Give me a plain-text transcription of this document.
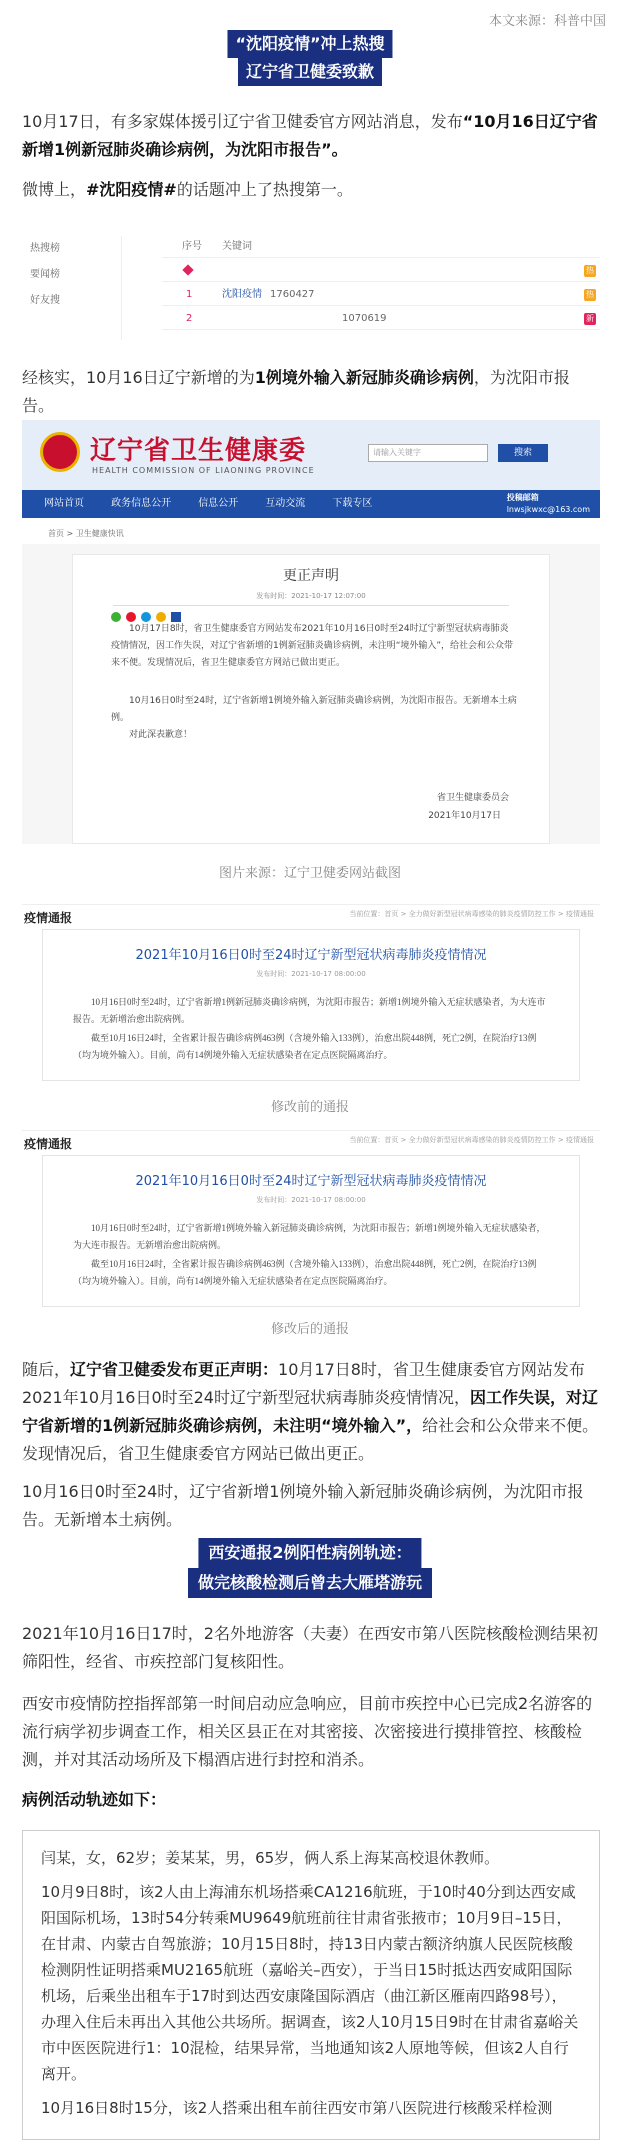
本文来源：科普中国
“沈阳疫情”冲上热搜
辽宁省卫健委致歉
10月17日，有多家媒体援引辽宁省卫健委官方网站消息，发布“10月16日辽宁省新增1例新冠肺炎确诊病例，为沈阳市报告”。
微博上，#沈阳疫情#的话题冲上了热搜第一。
热搜榜
要闻榜
好友搜
序号 关键词
热
1	沈阳疫情 1760427	热
2	1070619	新
经核实，10月16日辽宁新增的为1例境外输入新冠肺炎确诊病例，为沈阳市报告。
辽宁省卫生健康委
HEALTH COMMISSION OF LIAONING PROVINCE
请输入关键字	搜索
网站首页	政务信息公开	信息公开	互动交流	下载专区
投稿邮箱
lnwsjkwxc@163.com
首页 > 卫生健康快讯
更正声明
发布时间：2021-10-17 12:07:00

10月17日8时，省卫生健康委官方网站发布2021年10月16日0时至24时辽宁新型冠状病毒肺炎疫情情况，因工作失误，对辽宁省新增的1例新冠肺炎确诊病例，未注明“境外输入”，给社会和公众带来不便。发现情况后，省卫生健康委官方网站已做出更正。
10月16日0时至24时，辽宁省新增1例境外输入新冠肺炎确诊病例，为沈阳市报告。无新增本土病例。
对此深表歉意！
省卫生健康委员会
2021年10月17日
图片来源：辽宁卫健委网站截图
疫情通报	当前位置：首页 > 全力做好新型冠状病毒感染的肺炎疫情防控工作 > 疫情通报
2021年10月16日0时至24时辽宁新型冠状病毒肺炎疫情情况
发布时间：2021-10-17 08:00:00
10月16日0时至24时，辽宁省新增1例新冠肺炎确诊病例，为沈阳市报告；新增1例境外输入无症状感染者，为大连市报告。无新增治愈出院病例。
截至10月16日24时，全省累计报告确诊病例463例（含境外输入133例），治愈出院448例，死亡2例，在院治疗13例（均为境外输入）。目前，尚有14例境外输入无症状感染者在定点医院隔离治疗。
修改前的通报
疫情通报	当前位置：首页 > 全力做好新型冠状病毒感染的肺炎疫情防控工作 > 疫情通报
2021年10月16日0时至24时辽宁新型冠状病毒肺炎疫情情况
发布时间：2021-10-17 08:00:00
10月16日0时至24时，辽宁省新增1例境外输入新冠肺炎确诊病例，为沈阳市报告；新增1例境外输入无症状感染者，为大连市报告。无新增治愈出院病例。
截至10月16日24时，全省累计报告确诊病例463例（含境外输入133例），治愈出院448例，死亡2例，在院治疗13例（均为境外输入）。目前，尚有14例境外输入无症状感染者在定点医院隔离治疗。
修改后的通报
随后，辽宁省卫健委发布更正声明：10月17日8时，省卫生健康委官方网站发布2021年10月16日0时至24时辽宁新型冠状病毒肺炎疫情情况，因工作失误，对辽宁省新增的1例新冠肺炎确诊病例，未注明“境外输入”，给社会和公众带来不便。发现情况后，省卫生健康委官方网站已做出更正。
10月16日0时至24时，辽宁省新增1例境外输入新冠肺炎确诊病例，为沈阳市报告。无新增本土病例。
西安通报2例阳性病例轨迹：
做完核酸检测后曾去大雁塔游玩
2021年10月16日17时，2名外地游客（夫妻）在西安市第八医院核酸检测结果初筛阳性，经省、市疾控部门复核阳性。
西安市疫情防控指挥部第一时间启动应急响应，目前市疾控中心已完成2名游客的流行病学初步调查工作，相关区县正在对其密接、次密接进行摸排管控、核酸检测，并对其活动场所及下榻酒店进行封控和消杀。
病例活动轨迹如下：

闫某，女，62岁；姜某某，男，65岁，俩人系上海某高校退休教师。

10月9日8时，该2人由上海浦东机场搭乘CA1216航班，于10时40分到达西安咸阳国际机场，13时54分转乘MU9649航班前往甘肃省张掖市；10月9日–15日，在甘肃、内蒙古自驾旅游；10月15日8时，持13日内蒙古额济纳旗人民医院核酸检测阴性证明搭乘MU2165航班（嘉峪关–西安），于当日15时抵达西安咸阳国际机场，后乘坐出租车于17时到达西安康隆国际酒店（曲江新区雁南四路98号），办理入住后未再出入其他公共场所。据调查，该2人10月15日9时在甘肃省嘉峪关市中医医院进行1：10混检，结果异常，当地通知该2人原地等候，但该2人自行离开。

10月16日8时15分，该2人搭乘出租车前往西安市第八医院进行核酸采样检测
